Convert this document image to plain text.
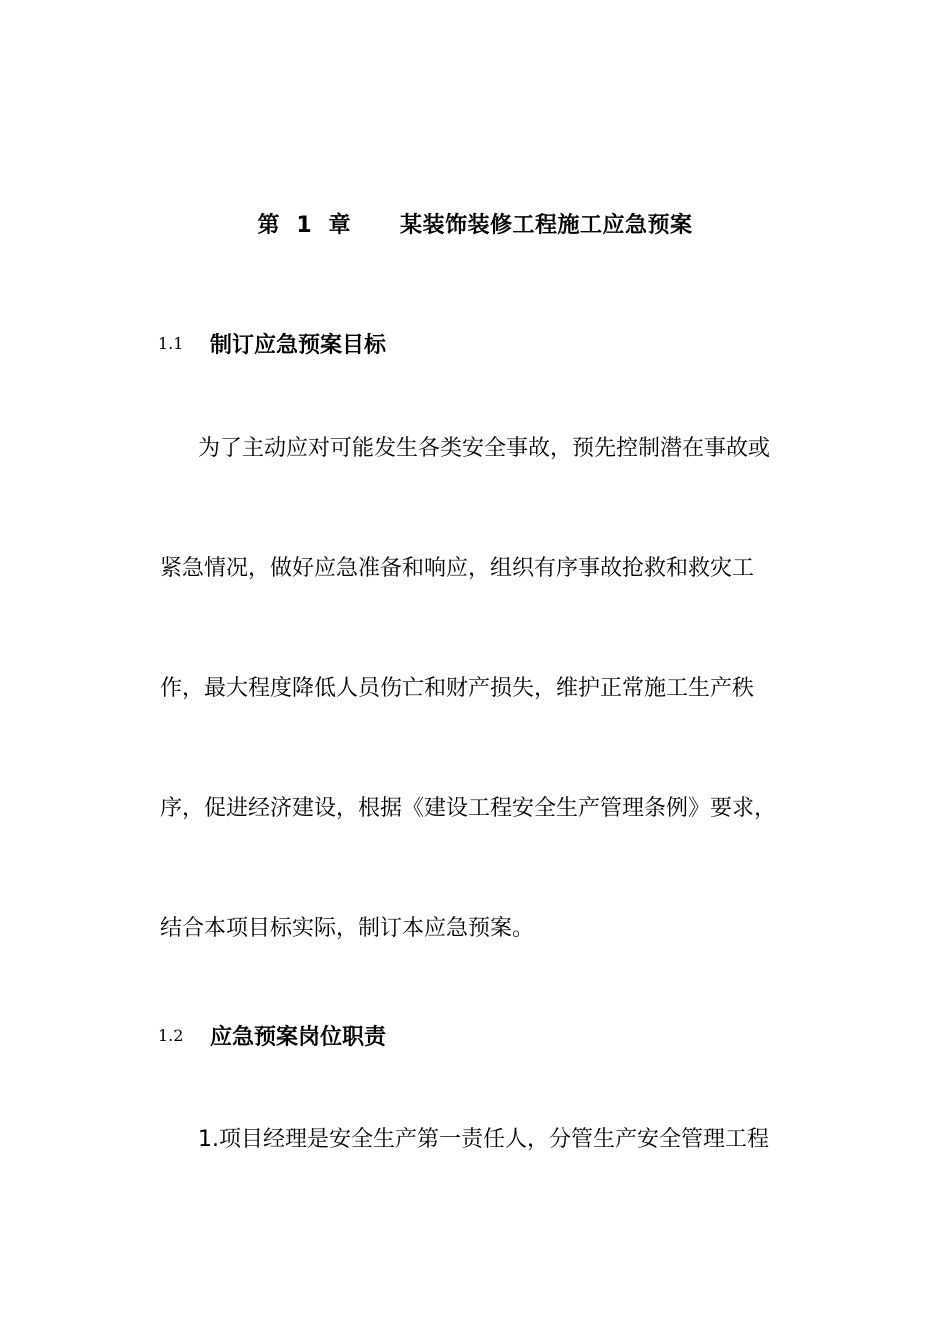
第 1 章 某装饰装修工程施工应急预案
1.1 制订应急预案目标
为了主动应对可能发生各类安全事故，预先控制潜在事故或
紧急情况，做好应急准备和响应，组织有序事故抢救和救灾工
作，最大程度降低人员伤亡和财产损失，维护正常施工生产秩
序，促进经济建设，根据《建设工程安全生产管理条例》要求，
结合本项目标实际，制订本应急预案。
1.2 应急预案岗位职责
1.项目经理是安全生产第一责任人，分管生产安全管理工程
